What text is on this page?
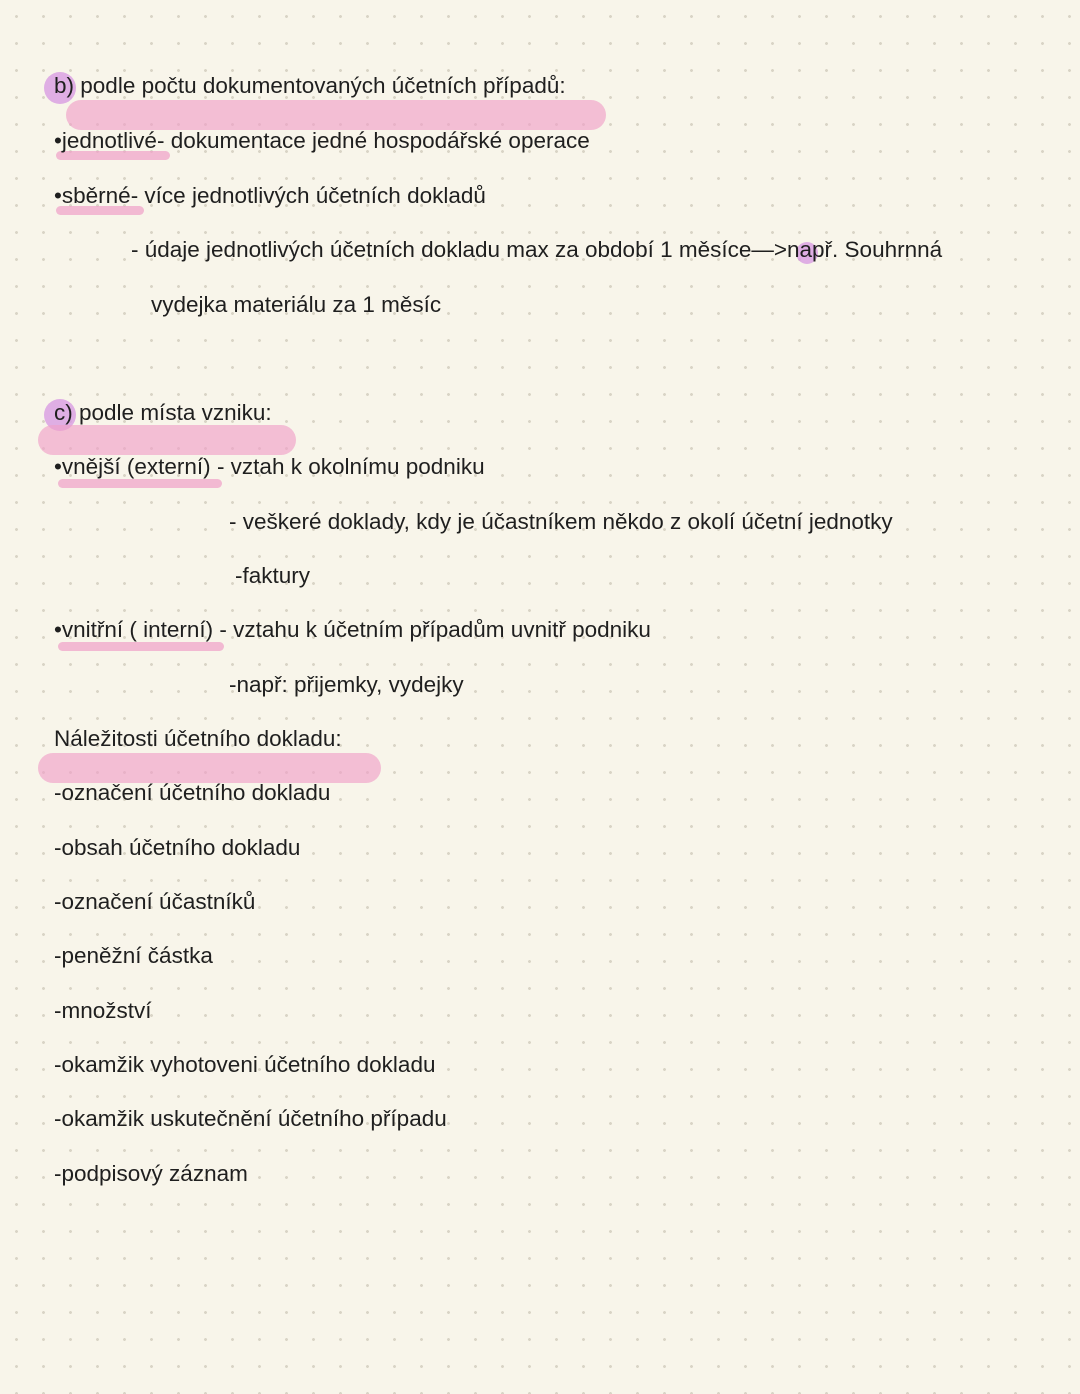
b) podle počtu dokumentovaných účetních případů:
•jednotlivé- dokumentace jedné hospodářské operace
•sběrné- více jednotlivých účetních dokladů
- údaje jednotlivých účetních dokladu max za období 1 měsíce—>např. Souhrnná
vydejka materiálu za 1 měsíc
c) podle místa vzniku:
•vnější (externí) - vztah k okolnímu podniku
- veškeré doklady, kdy je účastníkem někdo z okolí účetní jednotky
-faktury
•vnitřní ( interní) - vztahu k účetním případům uvnitř podniku
-např: přijemky, vydejky
Náležitosti účetního dokladu:
-označení účetního dokladu
-obsah účetního dokladu
-označení účastníků
-peněžní částka
-množství
-okamžik vyhotoveni účetního dokladu
-okamžik uskutečnění účetního případu
-podpisový záznam
